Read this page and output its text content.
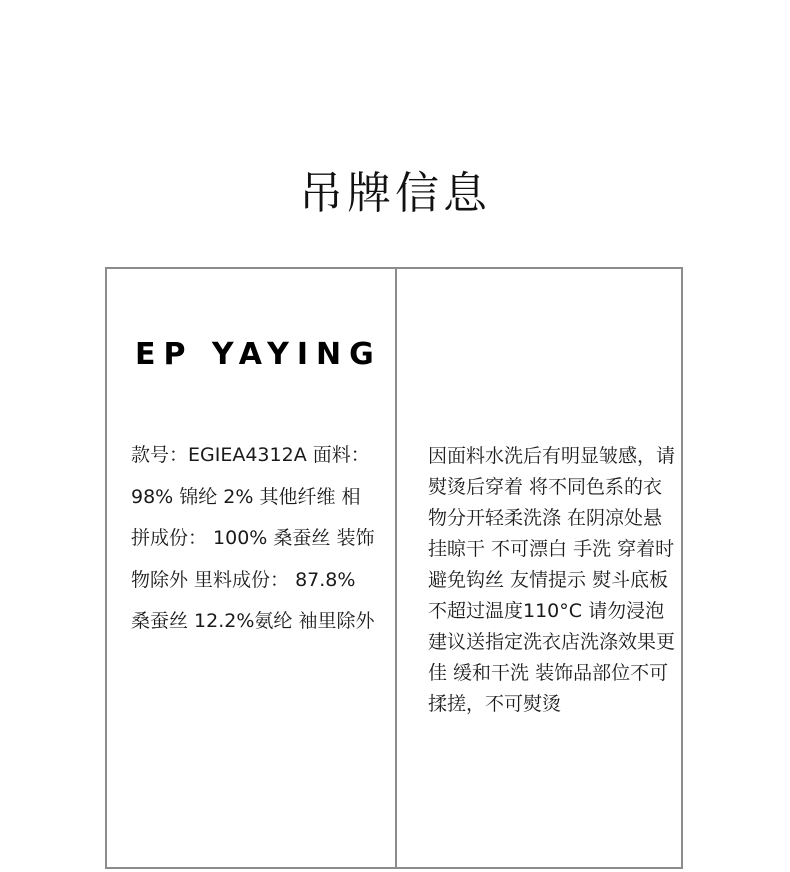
吊牌信息
EP YAYING
款号：EGIEA4312A 面料： 98% 锦纶 2% 其他纤维 相拼成份： 100% 桑蚕丝 装饰物除外 里料成份： 87.8% 桑蚕丝 12.2%氨纶 袖里除外
因面料水洗后有明显皱感，请熨烫后穿着 将不同色系的衣物分开轻柔洗涤 在阴凉处悬挂晾干 不可漂白 手洗 穿着时避免钩丝 友情提示 熨斗底板不超过温度110°C 请勿浸泡 建议送指定洗衣店洗涤效果更佳 缓和干洗 装饰品部位不可揉搓，不可熨烫
